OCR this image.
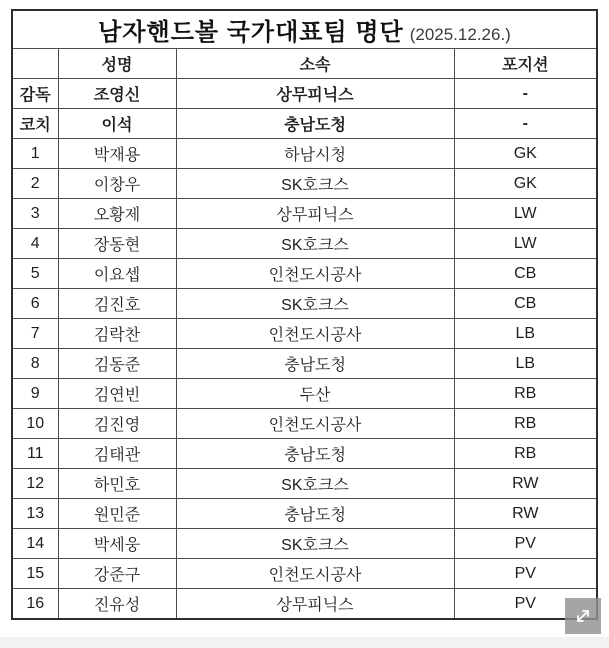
남자핸드볼 국가대표팀 명단 (2025.12.26.)			
	성명	소속	포지션
감독	조영신	상무피닉스	-
코치	이석	충남도청	-
1	박재용	하남시청	GK
2	이창우	SK호크스	GK
3	오황제	상무피닉스	LW
4	장동현	SK호크스	LW
5	이요셉	인천도시공사	CB
6	김진호	SK호크스	CB
7	김락찬	인천도시공사	LB
8	김동준	충남도청	LB
9	김연빈	두산	RB
10	김진영	인천도시공사	RB
11	김태관	충남도청	RB
12	하민호	SK호크스	RW
13	원민준	충남도청	RW
14	박세웅	SK호크스	PV
15	강준구	인천도시공사	PV
16	진유성	상무피닉스	PV
